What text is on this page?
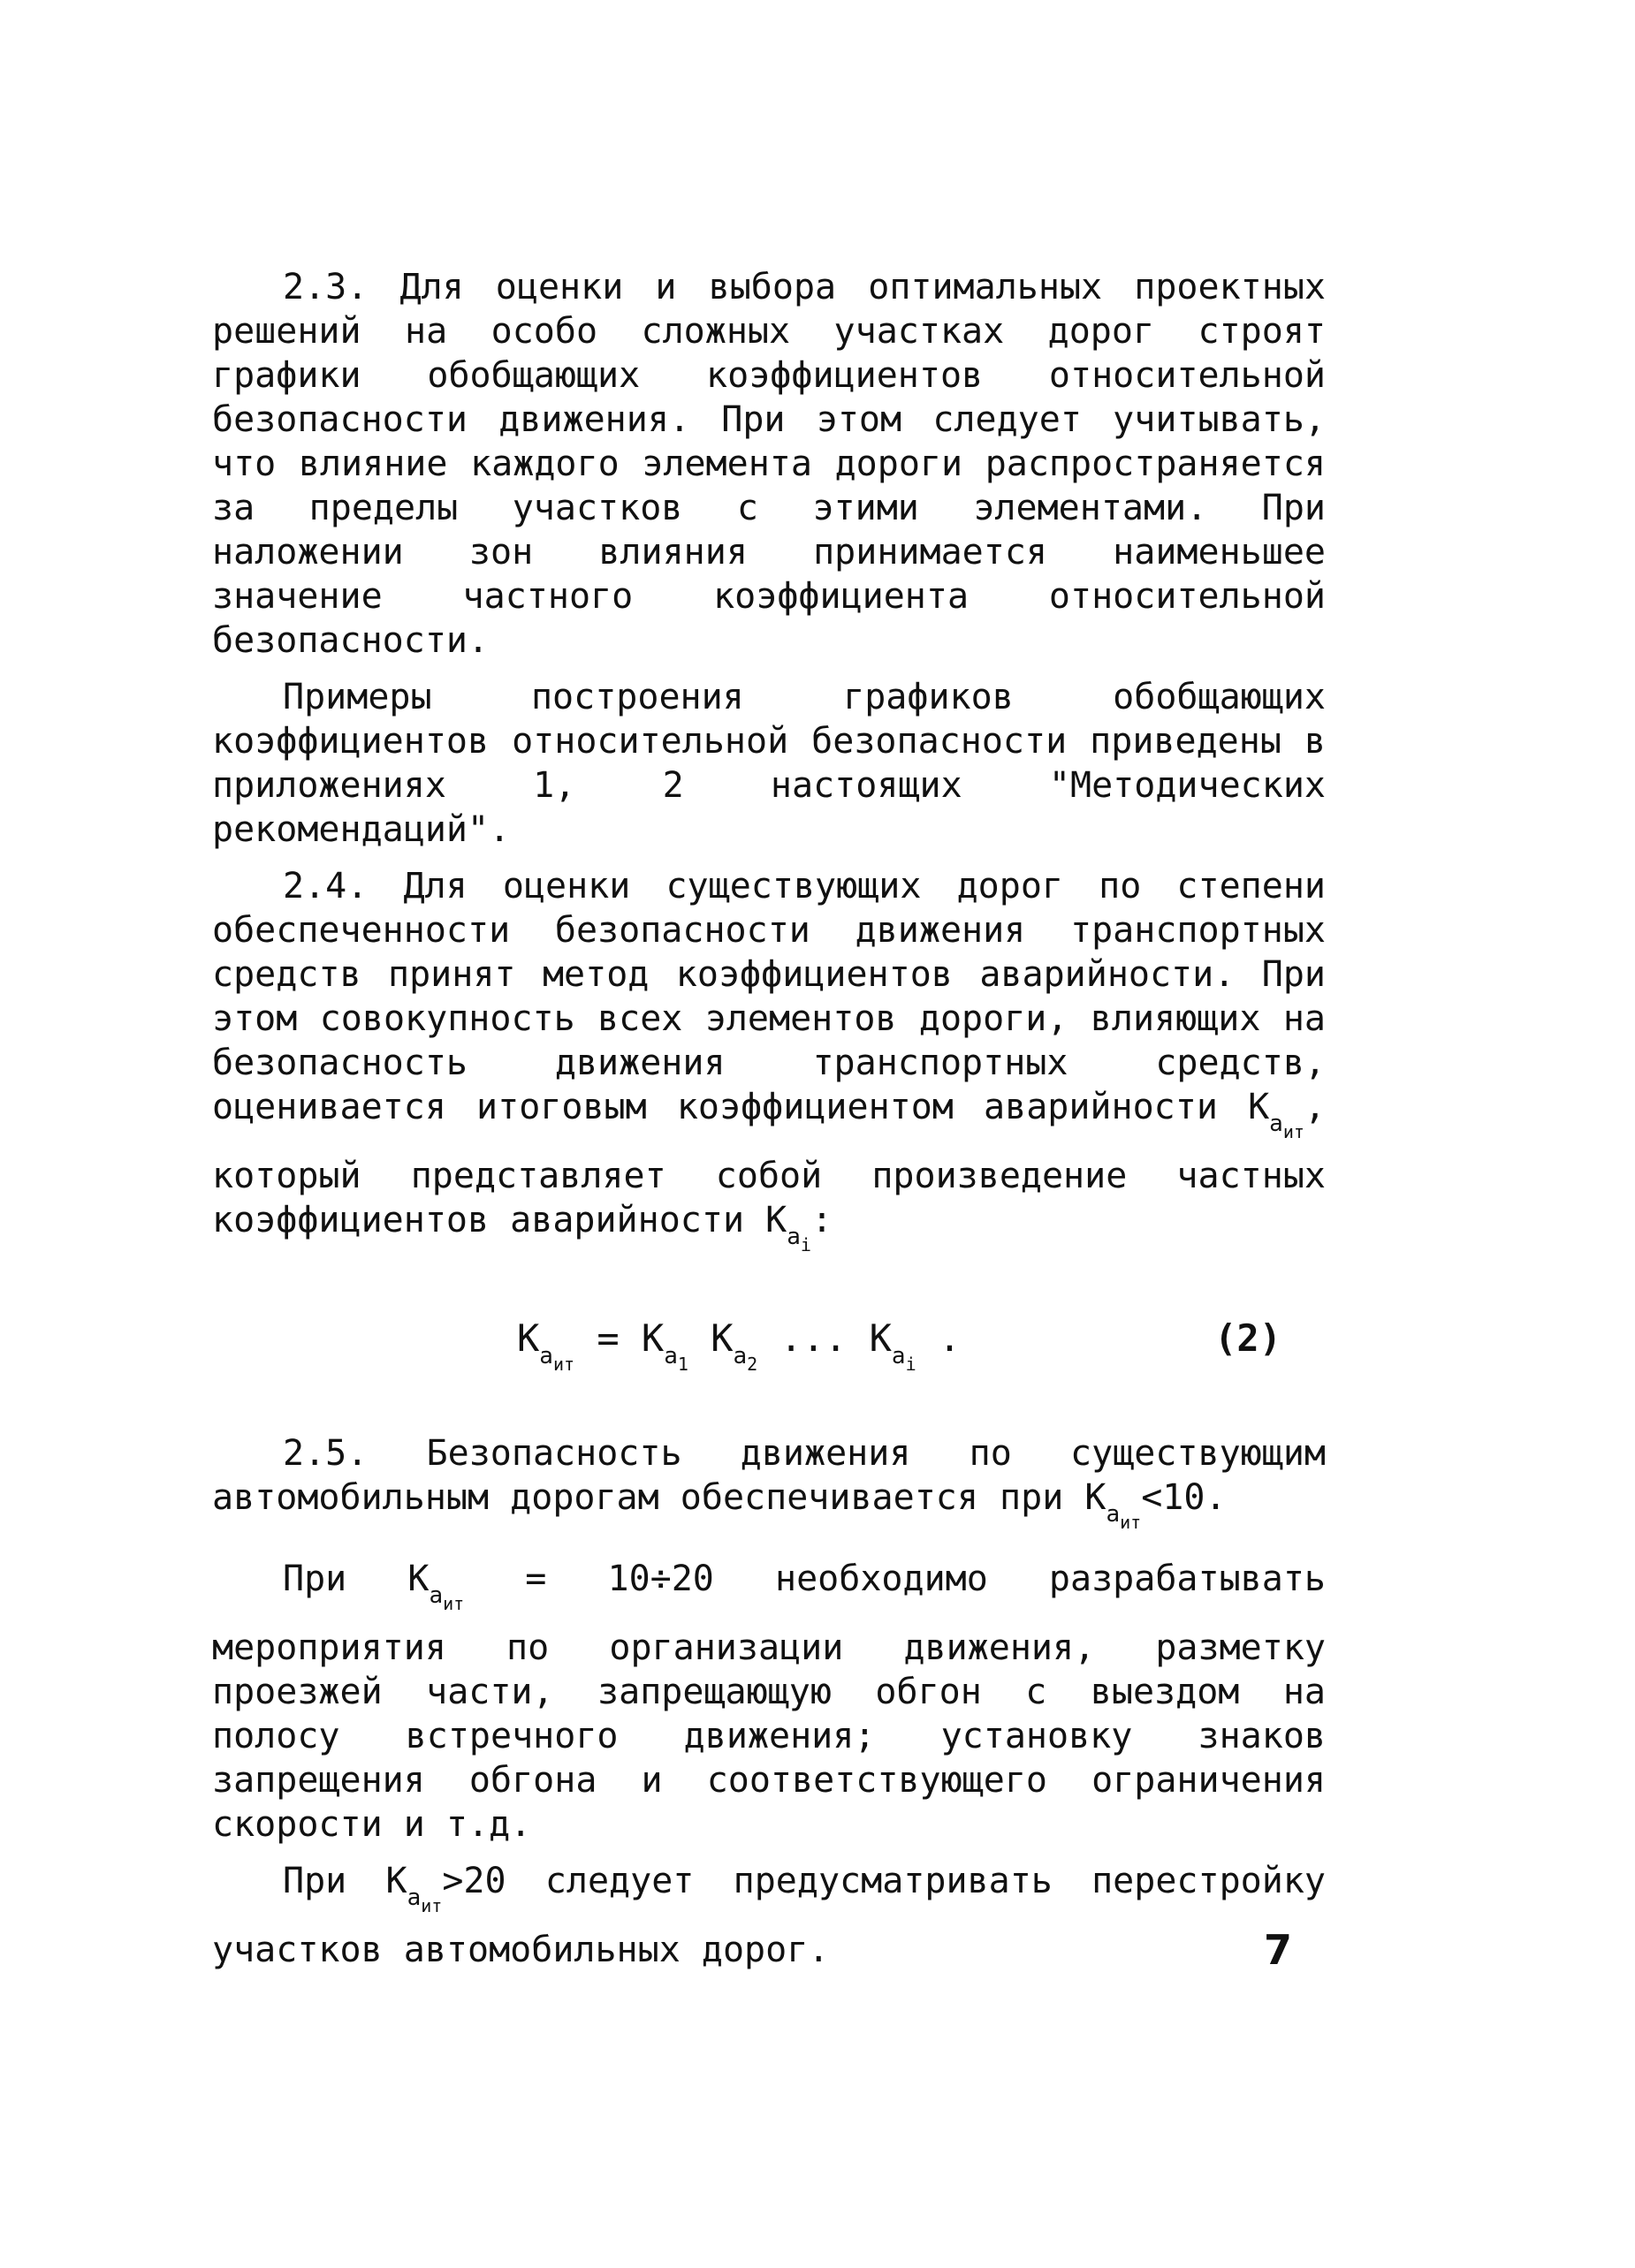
2.3. Для оценки и выбора оптимальных проектных решений на особо сложных участках дорог строят графики обобщающих коэффициентов относительной безопасности движения. При этом следует учитывать, что влияние каждого элемента дороги распространяется за пределы участков с этими элементами. При наложении зон влияния принимается наименьшее значение частного коэффициента относительной безопасности.

Примеры построения графиков обобщающих коэффициентов относительной безопасности приведены в приложениях 1, 2 настоящих "Методических рекомендаций".

2.4. Для оценки существующих дорог по степени обеспеченности безопасности движения транспортных средств принят метод коэффициентов аварийности. При этом совокупность всех элементов дороги, влияющих на безопасность движения транспортных средств, оценивается итоговым коэффициентом аварийности $K_{a_{ит}}$, который представляет собой произведение частных коэффициентов аварийности $K_{a_i}$:

$K_{a_{ит}} = K_{a_1}$ $K_{a_2}$ ... $K_{a_i}$ .	(2)

2.5. Безопасность движения по существующим автомобильным дорогам обеспечивается при $K_{a_{ит}}<10$.

При $K_{a_{ит}} = 10\div 20$ необходимо разрабатывать мероприятия по организации движения, разметку проезжей части, запрещающую обгон с выездом на полосу встречного движения; установку знаков запрещения обгона и соответствующего ограничения скорости и т.д.

При $K_{a_{ит}}>20$ следует предусматривать перестройку участков автомобильных дорог.	7
